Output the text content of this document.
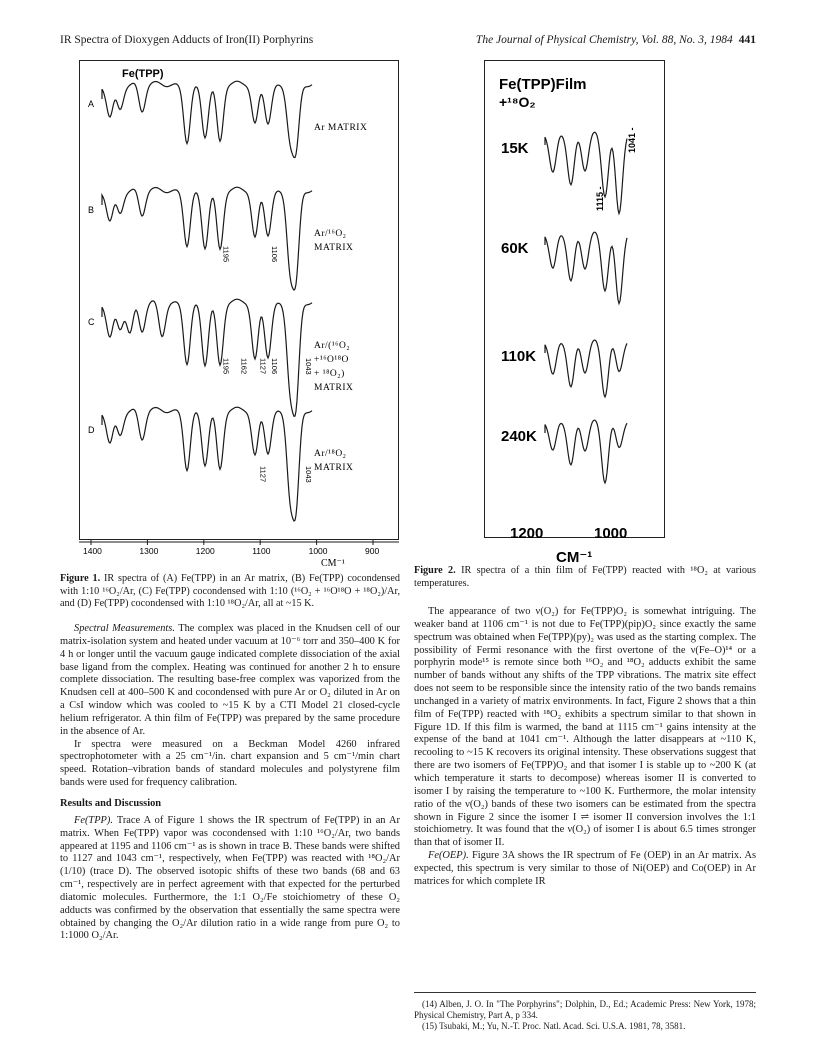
IR Spectra of Dioxygen Adducts of Iron(II) Porphyrins	The Journal of Physical Chemistry, Vol. 88, No. 3, 1984 441
Fe(TPP)
A
Ar MATRIX
B
Ar/¹⁶O₂
MATRIX
1195	1106
C
Ar/(¹⁶O₂
+¹⁶O¹⁸O
+ ¹⁸O₂)
MATRIX
1195 1162 1127 1106	1043
D
Ar/¹⁸O₂
MATRIX
1127	1043
1400	1300	1200	1100	1000	900
CM⁻¹
Fe(TPP)Film
+¹⁸O₂
15K
60K
110K
240K
1115 -
1041 -
1200	1000
CM⁻¹
Figure 1. IR spectra of (A) Fe(TPP) in an Ar matrix, (B) Fe(TPP) cocondensed with 1:10 ¹⁶O₂/Ar, (C) Fe(TPP) cocondensed with 1:10 (¹⁶O₂ + ¹⁶O¹⁸O + ¹⁸O₂)/Ar, and (D) Fe(TPP) cocondensed with 1:10 ¹⁸O₂/Ar, all at ~15 K.
Figure 2. IR spectra of a thin film of Fe(TPP) reacted with ¹⁸O₂ at various temperatures.

Spectral Measurements. The complex was placed in the Knudsen cell of our matrix-isolation system and heated under vacuum at 10⁻⁶ torr and 350–400 K for 4 h or longer until the vacuum gauge indicated complete dissociation of the axial base ligand from the complex. Heating was continued for another 2 h to ensure complete dissociation. The resulting base-free complex was vaporized from the Knudsen cell at 400–500 K and cocondensed with pure Ar or O₂ diluted in Ar on a CsI window which was cooled to ~15 K by a CTI Model 21 closed-cycle helium refrigerator. A thin film of Fe(TPP) was prepared by the same procedure in the absence of Ar.

Ir spectra were measured on a Beckman Model 4260 infrared spectrophotometer with a 25 cm⁻¹/in. chart expansion and 5 cm⁻¹/min chart speed. Rotation–vibration bands of standard molecules and polystyrene film bands were used for frequency calibration.

Results and Discussion

Fe(TPP). Trace A of Figure 1 shows the IR spectrum of Fe(TPP) in an Ar matrix. When Fe(TPP) vapor was cocondensed with 1:10 ¹⁶O₂/Ar, two bands appeared at 1195 and 1106 cm⁻¹ as is shown in trace B. These bands were shifted to 1127 and 1043 cm⁻¹, respectively, when Fe(TPP) was reacted with ¹⁸O₂/Ar (1/10) (trace D). The observed isotopic shifts of these two bands (68 and 63 cm⁻¹, respectively are in perfect agreement with that expected for the perturbed diatomic molecules. Furthermore, the 1:1 O₂/Fe stoichiometry of these O₂ adducts was confirmed by the observation that essentially the same spectra were obtained by changing the O₂/Ar dilution ratio in a wide range from pure O₂ to 1:1000 O₂/Ar.

The appearance of two ν(O₂) for Fe(TPP)O₂ is somewhat intriguing. The weaker band at 1106 cm⁻¹ is not due to Fe(TPP)(pip)O₂ since exactly the same spectrum was obtained when Fe(TPP)(py)₂ was used as the starting complex. The possibility of Fermi resonance with the first overtone of the ν(Fe–O)¹⁴ or a porphyrin mode¹⁵ is remote since both ¹⁶O₂ and ¹⁸O₂ adducts exhibit the same number of bands without any shifts of the TPP vibrations. The matrix site effect does not seem to be responsible since the intensity ratio of the two bands remains unchanged in a variety of matrix environments. In fact, Figure 2 shows that a thin film of Fe(TPP) reacted with ¹⁸O₂ exhibits a spectrum similar to that shown in Figure 1D. If this film is warmed, the band at 1115 cm⁻¹ gains intensity at the expense of the band at 1041 cm⁻¹. Although the latter disappears at ~110 K, recooling to ~15 K recovers its original intensity. These observations suggest that there are two isomers of Fe(TPP)O₂ and that isomer I is stable up to ~200 K (at which temperature it starts to decompose) whereas isomer II is converted to isomer I by raising the temperature to ~100 K. Furthermore, the molar intensity ratio of the ν(O₂) bands of these two isomers can be estimated from the spectra shown in Figure 2 since the isomer I ⇌ isomer II conversion involves the 1:1 stoichiometry. It was found that the ν(O₂) of isomer I is about 6.5 times stronger than that of isomer II.

Fe(OEP). Figure 3A shows the IR spectrum of Fe (OEP) in an Ar matrix. As expected, this spectrum is very similar to those of Ni(OEP) and Co(OEP) in Ar matrices for which complete IR

(14) Alben, J. O. In "The Porphyrins"; Dolphin, D., Ed.; Academic Press: New York, 1978; Physical Chemistry, Part A, p 334.

(15) Tsubaki, M.; Yu, N.-T. Proc. Natl. Acad. Sci. U.S.A. 1981, 78, 3581.
